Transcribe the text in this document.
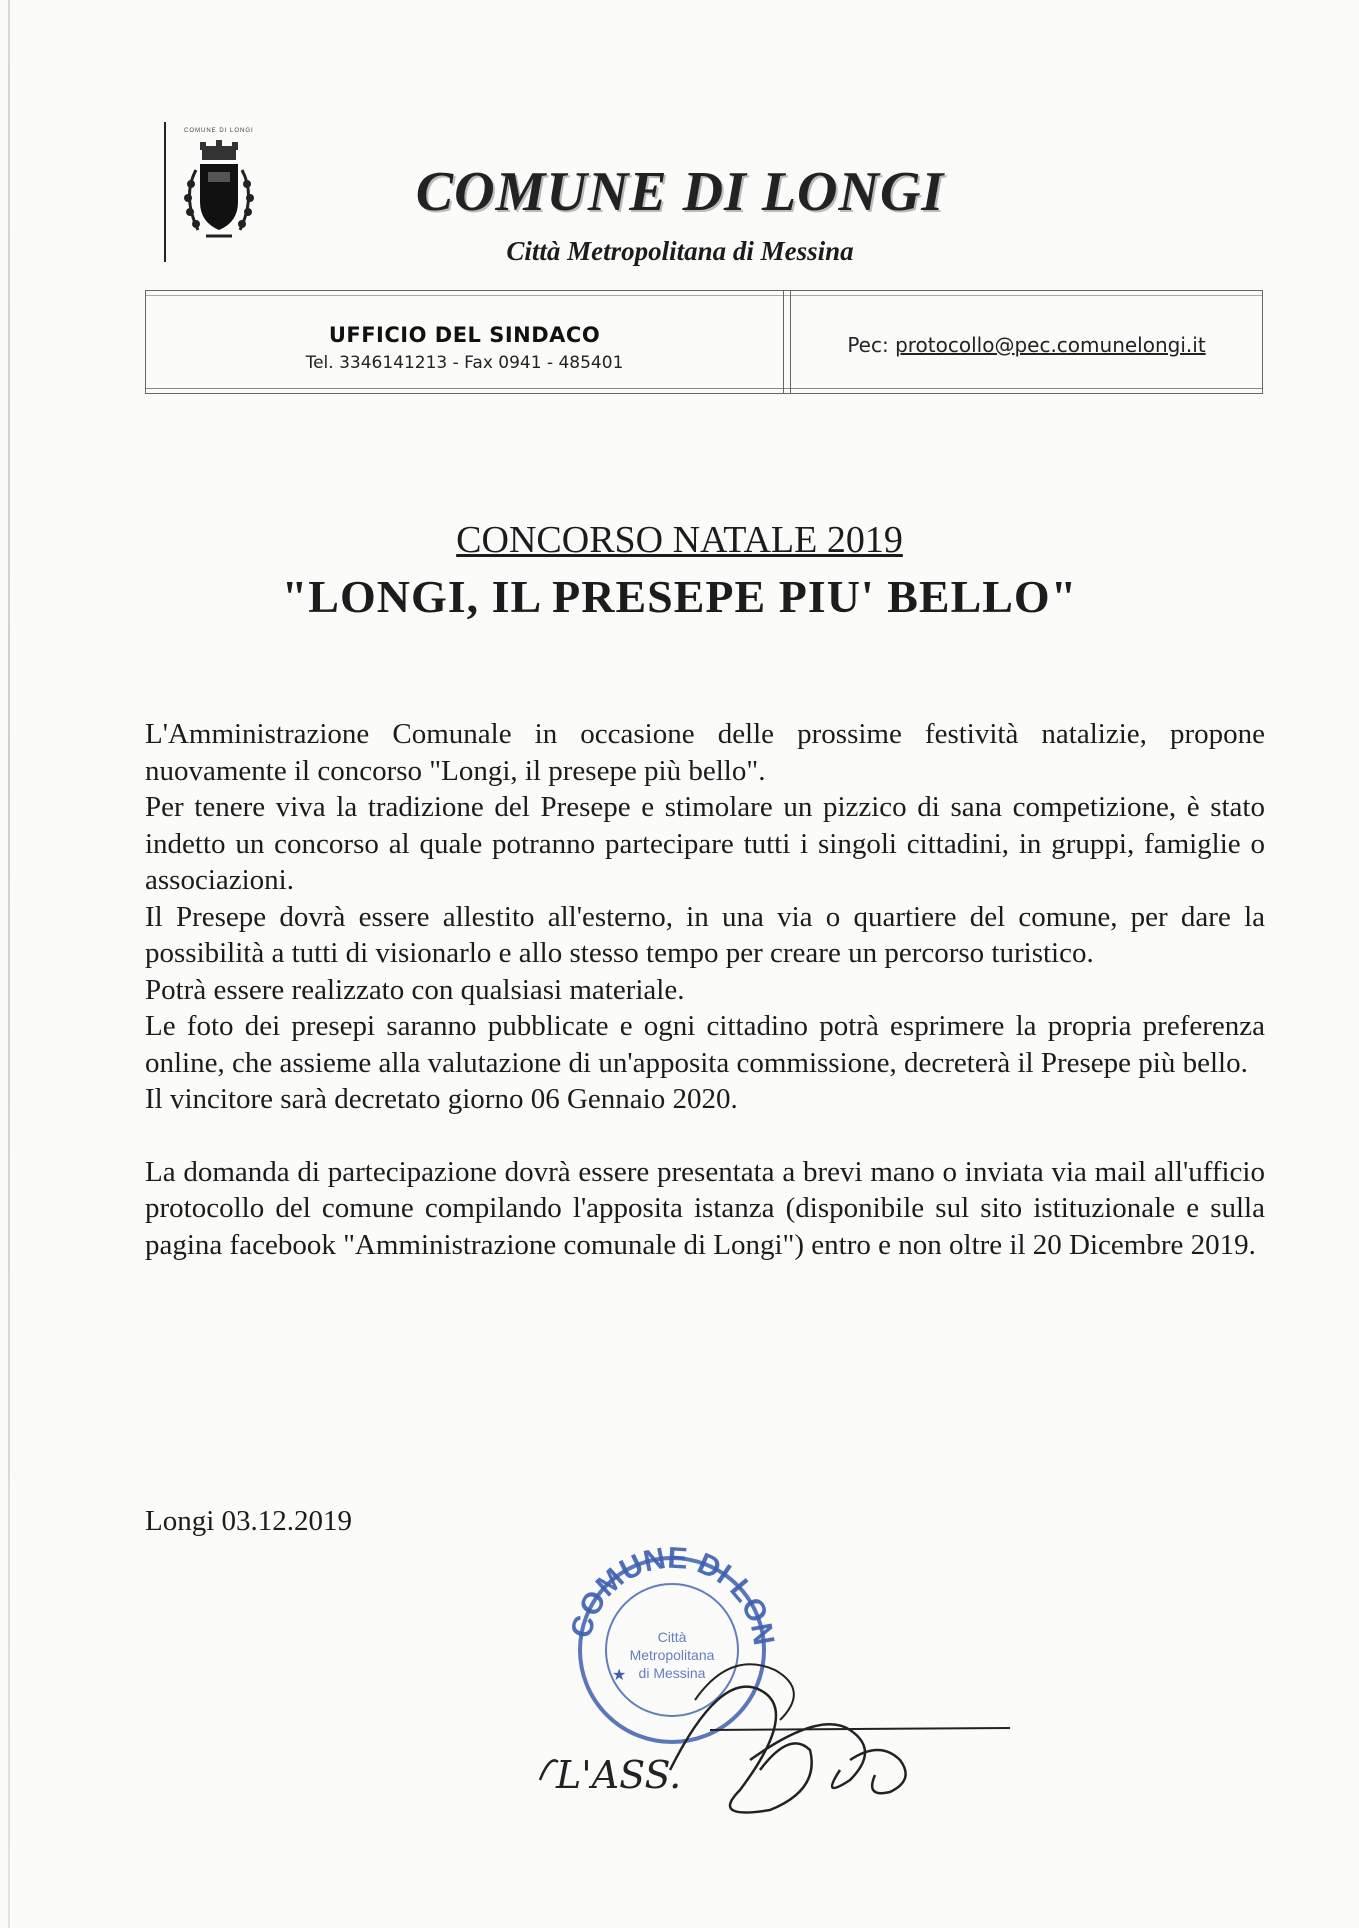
COMUNE DI LONGI
COMUNE DI LONGI
Città Metropolitana di Messina
UFFICIO DEL SINDACO
Tel. 3346141213 - Fax 0941 - 485401
Pec: protocollo@pec.comunelongi.it
CONCORSO NATALE 2019
"LONGI, IL PRESEPE PIU' BELLO"

L'Amministrazione Comunale in occasione delle prossime festività natalizie, propone nuovamente il concorso "Longi, il presepe più bello".

Per tenere viva la tradizione del Presepe e stimolare un pizzico di sana competizione, è stato indetto un concorso al quale potranno partecipare tutti i singoli cittadini, in gruppi, famiglie o associazioni.

Il Presepe dovrà essere allestito all'esterno, in una via o quartiere del comune, per dare la possibilità a tutti di visionarlo e allo stesso tempo per creare un percorso turistico.

Potrà essere realizzato con qualsiasi materiale.

Le foto dei presepi saranno pubblicate e ogni cittadino potrà esprimere la propria preferenza online, che assieme alla valutazione di un'apposita commissione, decreterà il Presepe più bello.

Il vincitore sarà decretato giorno 06 Gennaio 2020.

La domanda di partecipazione dovrà essere presentata a brevi mano o inviata via mail all'ufficio protocollo del comune compilando l'apposita istanza (disponibile sul sito istituzionale e sulla pagina facebook "Amministrazione comunale di Longi") entro e non oltre il 20 Dicembre 2019.

Longi 03.12.2019
COMUNE DI LON
Città
Metropolitana
di Messina
★
L'ASS.
